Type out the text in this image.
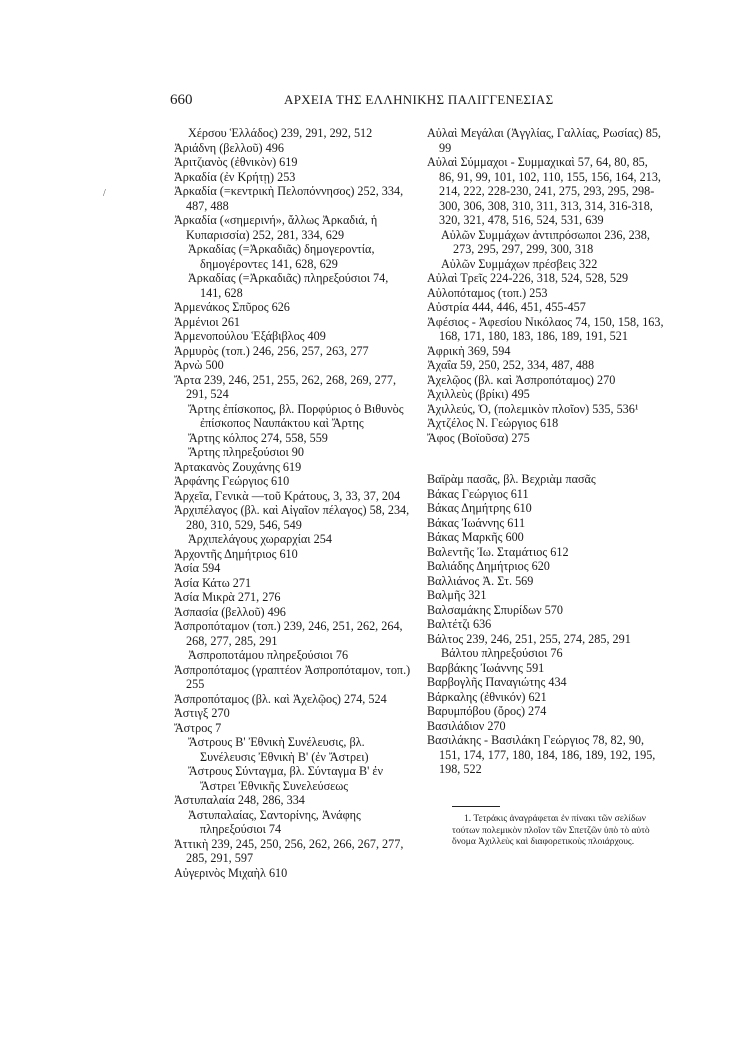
660	ΑΡΧΕΙΑ ΤΗΣ ΕΛΛΗΝΙΚΗΣ ΠΑΛΙΓΓΕΝΕΣΙΑΣ
/

Χέρσου Ἑλλάδος) 239, 291, 292, 512

Ἀριάδνη (βελλοῦ) 496

Ἀριτζιανὸς (ἐθνικὸν) 619

Ἀρκαδία (ἐν Κρήτῃ) 253

Ἀρκαδία (=κεντρικὴ Πελοπόννησος) 252, 334, 487, 488

Ἀρκαδία («σημερινή», ἄλλως Ἀρκαδιά, ἡ Κυπαρισσία) 252, 281, 334, 629

Ἀρκαδίας (=Ἀρκαδιᾶς) δημογεροντία, δημογέροντες 141, 628, 629

Ἀρκαδίας (=Ἀρκαδιᾶς) πληρεξούσιοι 74, 141, 628

Ἀρμενάκος Σπῦρος 626

Ἀρμένιοι 261

Ἀρμενοπούλου Ἑξάβιβλος 409

Ἁρμυρὸς (τοπ.) 246, 256, 257, 263, 277

Ἀρνὼ 500

Ἄρτα 239, 246, 251, 255, 262, 268, 269, 277, 291, 524

Ἄρτης ἐπίσκοπος, βλ. Πορφύριος ὁ Βιθυνὸς ἐπίσκοπος Ναυπάκτου καὶ Ἄρτης

Ἄρτης κόλπος 274, 558, 559

Ἄρτης πληρεξούσιοι 90

Ἀρτακανὸς Ζουχάνης 619

Ἀρφάνης Γεώργιος 610

Ἀρχεῖα, Γενικὰ —τοῦ Κράτους, 3, 33, 37, 204

Ἀρχιπέλαγος (βλ. καὶ Αἰγαῖον πέλαγος) 58, 234, 280, 310, 529, 546, 549

Ἀρχιπελάγους χωραρχίαι 254

Ἀρχοντῆς Δημήτριος 610

Ἀσία 594

Ἀσία Κάτω 271

Ἀσία Μικρὰ 271, 276

Ἀσπασία (βελλοῦ) 496

Ἀσπροπόταμον (τοπ.) 239, 246, 251, 262, 264, 268, 277, 285, 291

Ἀσπροποτάμου πληρεξούσιοι 76

Ἀσπροπόταμος (γραπτέον Ἀσπροπόταμον, τοπ.) 255

Ἀσπροπόταμος (βλ. καὶ Ἀχελῷος) 274, 524

Ἀστιγξ 270

Ἄστρος 7

Ἄστρους Β' Ἐθνικὴ Συνέλευσις, βλ. Συνέλευσις Ἐθνικὴ Β' (ἐν Ἄστρει)

Ἄστρους Σύνταγμα, βλ. Σύνταγμα Β' ἐν Ἄστρει Ἐθνικῆς Συνελεύσεως

Ἀστυπαλαία 248, 286, 334

Ἀστυπαλαίας, Σαντορίνης, Ἀνάφης πληρεξούσιοι 74

Ἀττικὴ 239, 245, 250, 256, 262, 266, 267, 277, 285, 291, 597

Αὐγερινὸς Μιχαὴλ 610

Αὐλαὶ Μεγάλαι (Ἀγγλίας, Γαλλίας, Ρωσίας) 85, 99

Αὐλαὶ Σύμμαχοι - Συμμαχικαὶ 57, 64, 80, 85, 86, 91, 99, 101, 102, 110, 155, 156, 164, 213, 214, 222, 228-230, 241, 275, 293, 295, 298-300, 306, 308, 310, 311, 313, 314, 316-318, 320, 321, 478, 516, 524, 531, 639

Αὐλῶν Συμμάχων ἀντιπρόσωποι 236, 238, 273, 295, 297, 299, 300, 318

Αὐλῶν Συμμάχων πρέσβεις 322

Αὐλαὶ Τρεῖς 224-226, 318, 524, 528, 529

Αὐλοπόταμος (τοπ.) 253

Αὐστρία 444, 446, 451, 455-457

Ἀφέσιος - Ἀφεσίου Νικόλαος 74, 150, 158, 163, 168, 171, 180, 183, 186, 189, 191, 521

Ἀφρικὴ 369, 594

Ἀχαΐα 59, 250, 252, 334, 487, 488

Ἀχελῷος (βλ. καὶ Ἀσπροπόταμος) 270

Ἀχιλλεὺς (βρίκι) 495

Ἀχιλλεύς, Ὁ, (πολεμικὸν πλοῖον) 535, 536¹

Ἀχτζέλος Ν. Γεώργιος 618

Ἄφος (Βοϊοῦσα) 275

Βαϊρὰμ πασᾶς, βλ. Βεχριὰμ πασᾶς

Βάκας Γεώργιος 611

Βάκας Δημήτρης 610

Βάκας Ἰωάννης 611

Βάκας Μαρκῆς 600

Βαλεντῆς Ἰω. Σταμάτιος 612

Βαλιάδης Δημήτριος 620

Βαλλιάνος Ἀ. Στ. 569

Βαλμῆς 321

Βαλσαμάκης Σπυρίδων 570

Βαλτέτζι 636

Βάλτος 239, 246, 251, 255, 274, 285, 291

Βάλτου πληρεξούσιοι 76

Βαρβάκης Ἰωάννης 591

Βαρβογλῆς Παναγιώτης 434

Βάρκαλης (ἐθνικόν) 621

Βαρυμπόβου (ὄρος) 274

Βασιλάδιον 270

Βασιλάκης - Βασιλάκη Γεώργιος 78, 82, 90, 151, 174, 177, 180, 184, 186, 189, 192, 195, 198, 522

1. Τετράκις ἀναγράφεται ἐν πίνακι τῶν σελίδων τούτων πολεμικὸν πλοῖον τῶν Σπετζῶν ὑπὸ τὸ αὐτὸ ὄνομα Ἀχιλλεὺς καὶ διαφορετικοὺς πλοιάρχους.
